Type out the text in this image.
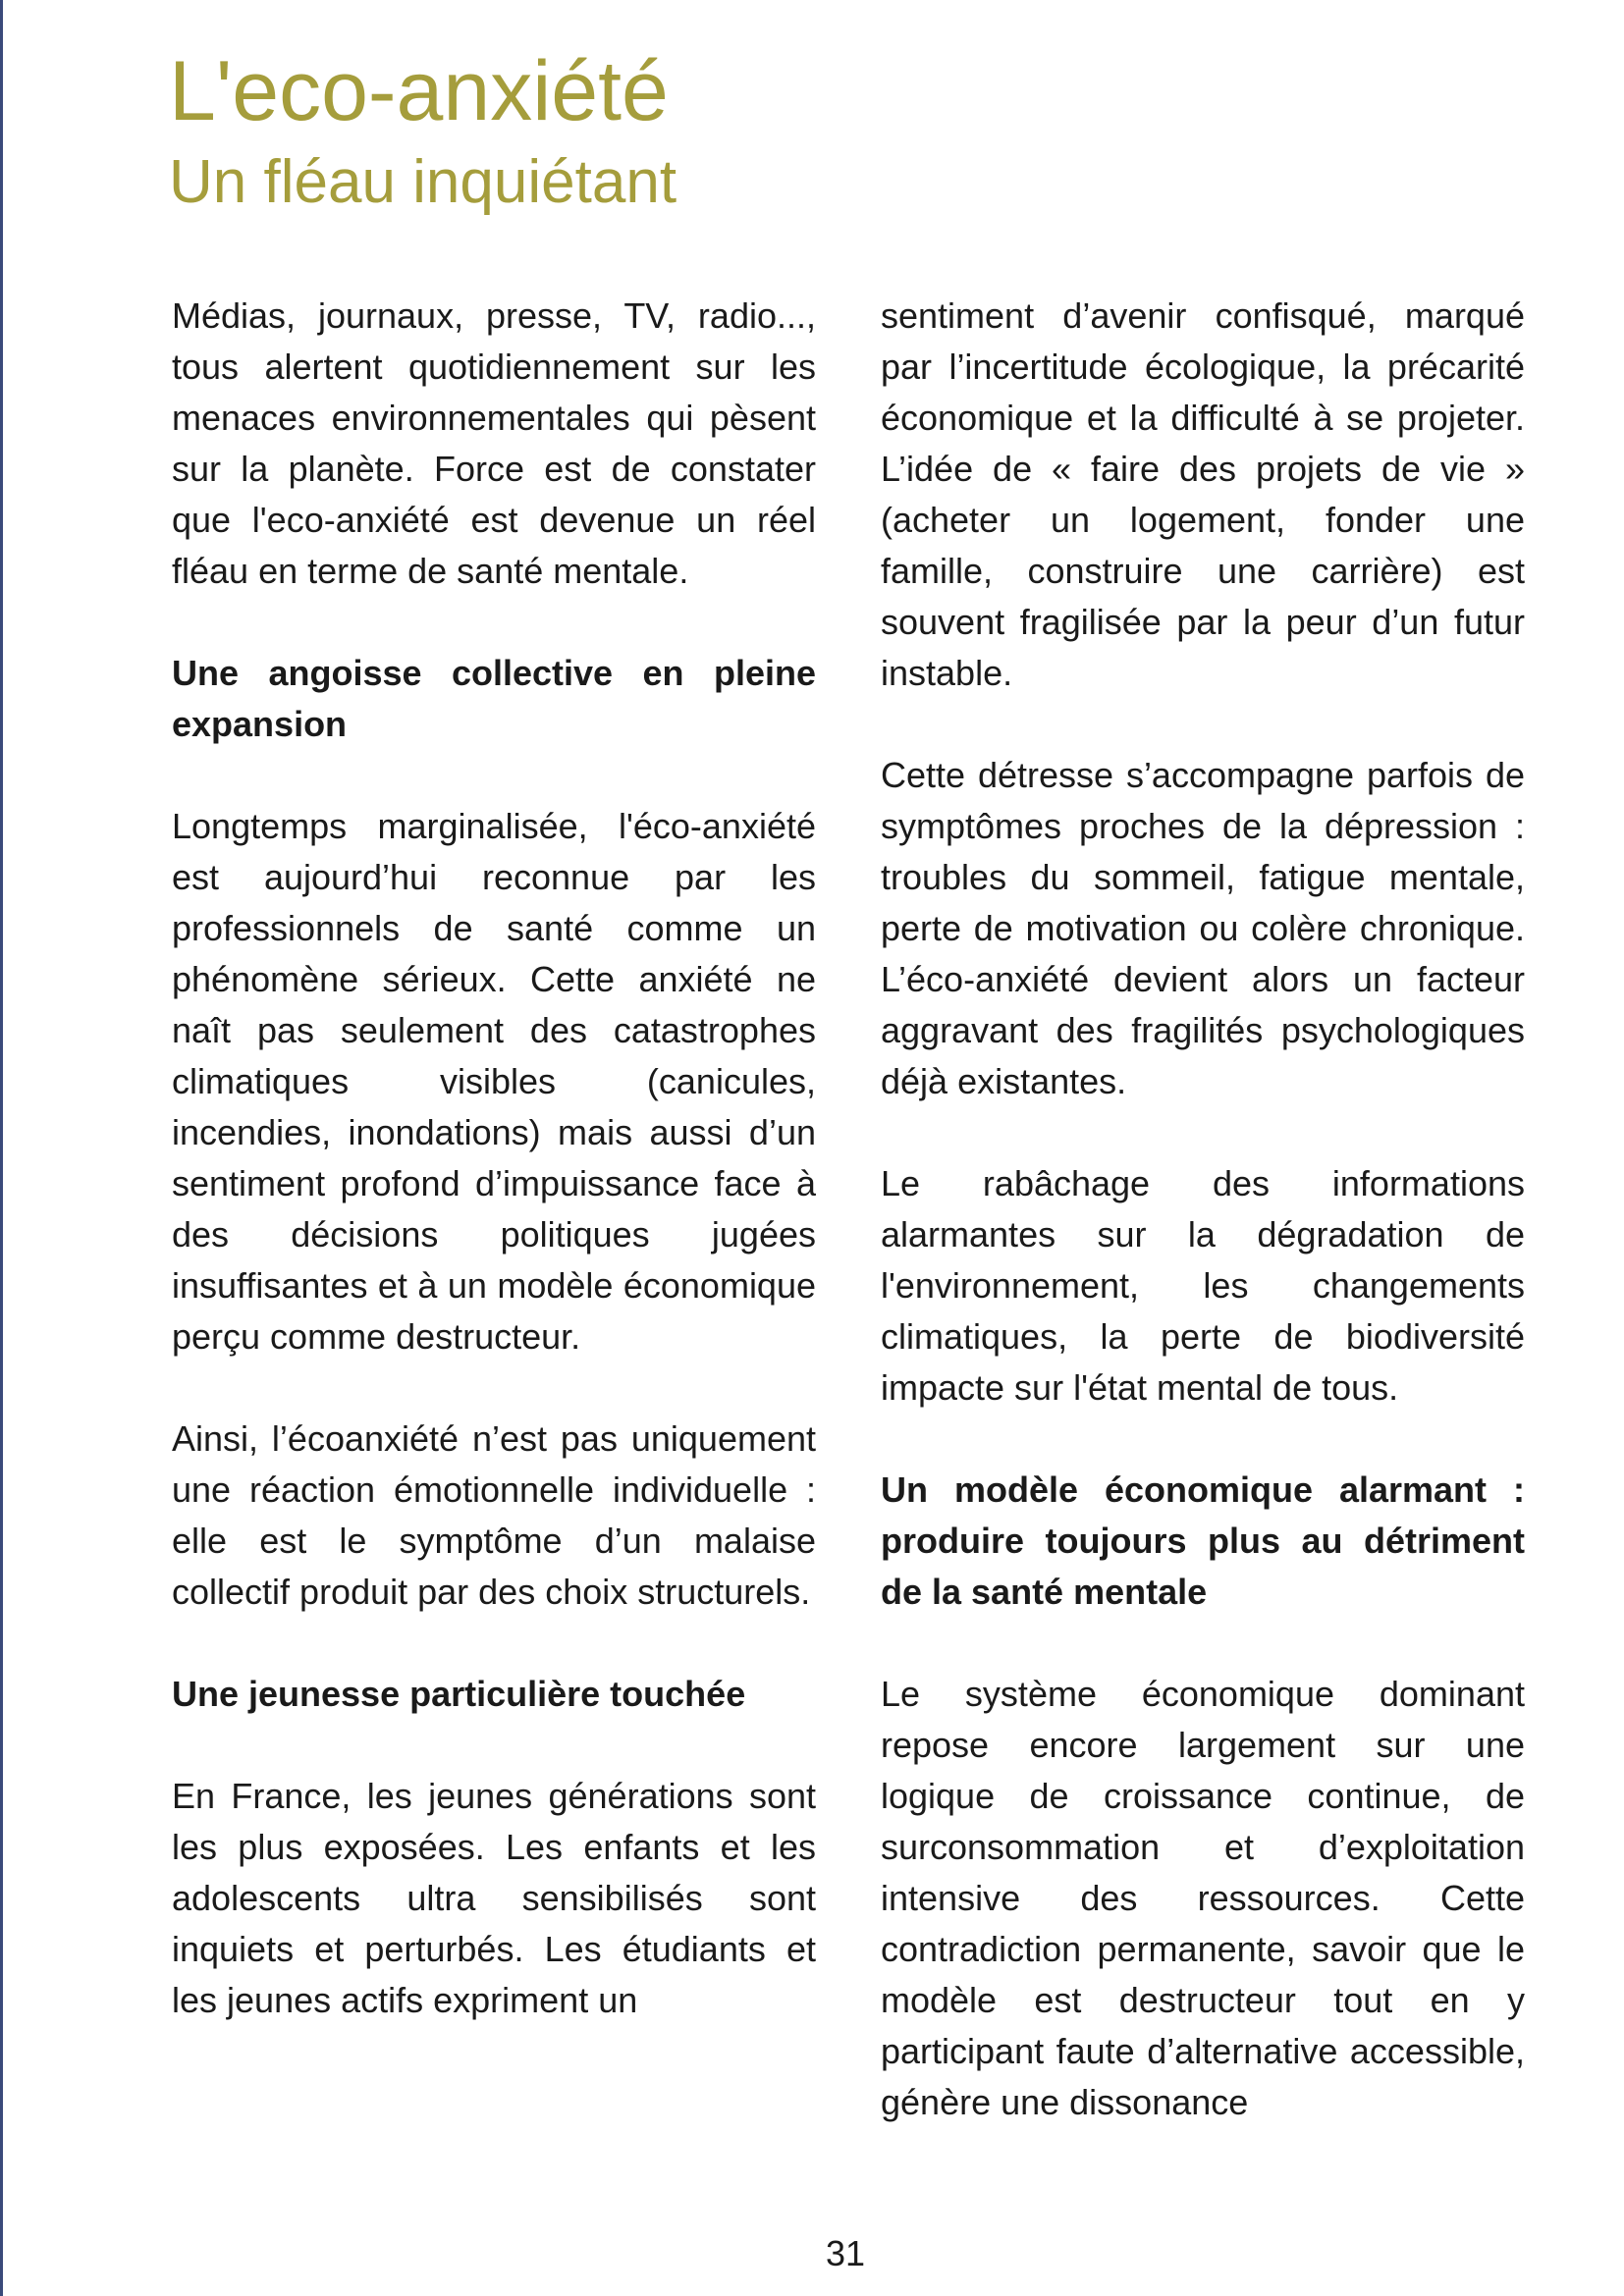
L'eco-anxiété
Un fléau inquiétant

Médias, journaux, presse, TV, radio..., tous alertent quotidiennement sur les menaces environnementales qui pèsent sur la planète. Force est de constater que l'eco-anxiété est devenue un réel fléau en terme de santé mentale.

Une angoisse collective en pleine expansion

Longtemps marginalisée, l'éco-anxiété est aujourd’hui reconnue par les professionnels de santé comme un phénomène sérieux. Cette anxiété ne naît pas seulement des catastrophes climatiques visibles (canicules, incendies, inondations) mais aussi d’un sentiment profond d’impuissance face à des décisions politiques jugées insuffisantes et à un modèle économique perçu comme destructeur.

Ainsi, l’écoanxiété n’est pas uniquement une réaction émotionnelle individuelle : elle est le symptôme d’un malaise collectif produit par des choix structurels.

Une jeunesse particulière touchée

En France, les jeunes générations sont les plus exposées. Les enfants et les adolescents ultra sensibilisés sont inquiets et perturbés. Les étudiants et les jeunes actifs expriment un

sentiment d’avenir confisqué, marqué par l’incertitude écologique, la précarité économique et la difficulté à se projeter. L’idée de « faire des projets de vie » (acheter un logement, fonder une famille, construire une carrière) est souvent fragilisée par la peur d’un futur instable.

Cette détresse s’accompagne parfois de symptômes proches de la dépression : troubles du sommeil, fatigue mentale, perte de motivation ou colère chronique. L’éco-anxiété devient alors un facteur aggravant des fragilités psychologiques déjà existantes.

Le rabâchage des informations alarmantes sur la dégradation de l'environnement, les changements climatiques, la perte de biodiversité impacte sur l'état mental de tous.

Un modèle économique alarmant : produire toujours plus au détriment de la santé mentale

Le système économique dominant repose encore largement sur une logique de croissance continue, de surconsommation et d’exploitation intensive des ressources. Cette contradiction permanente, savoir que le modèle est destructeur tout en y participant faute d’alternative accessible, génère une dissonance

31
